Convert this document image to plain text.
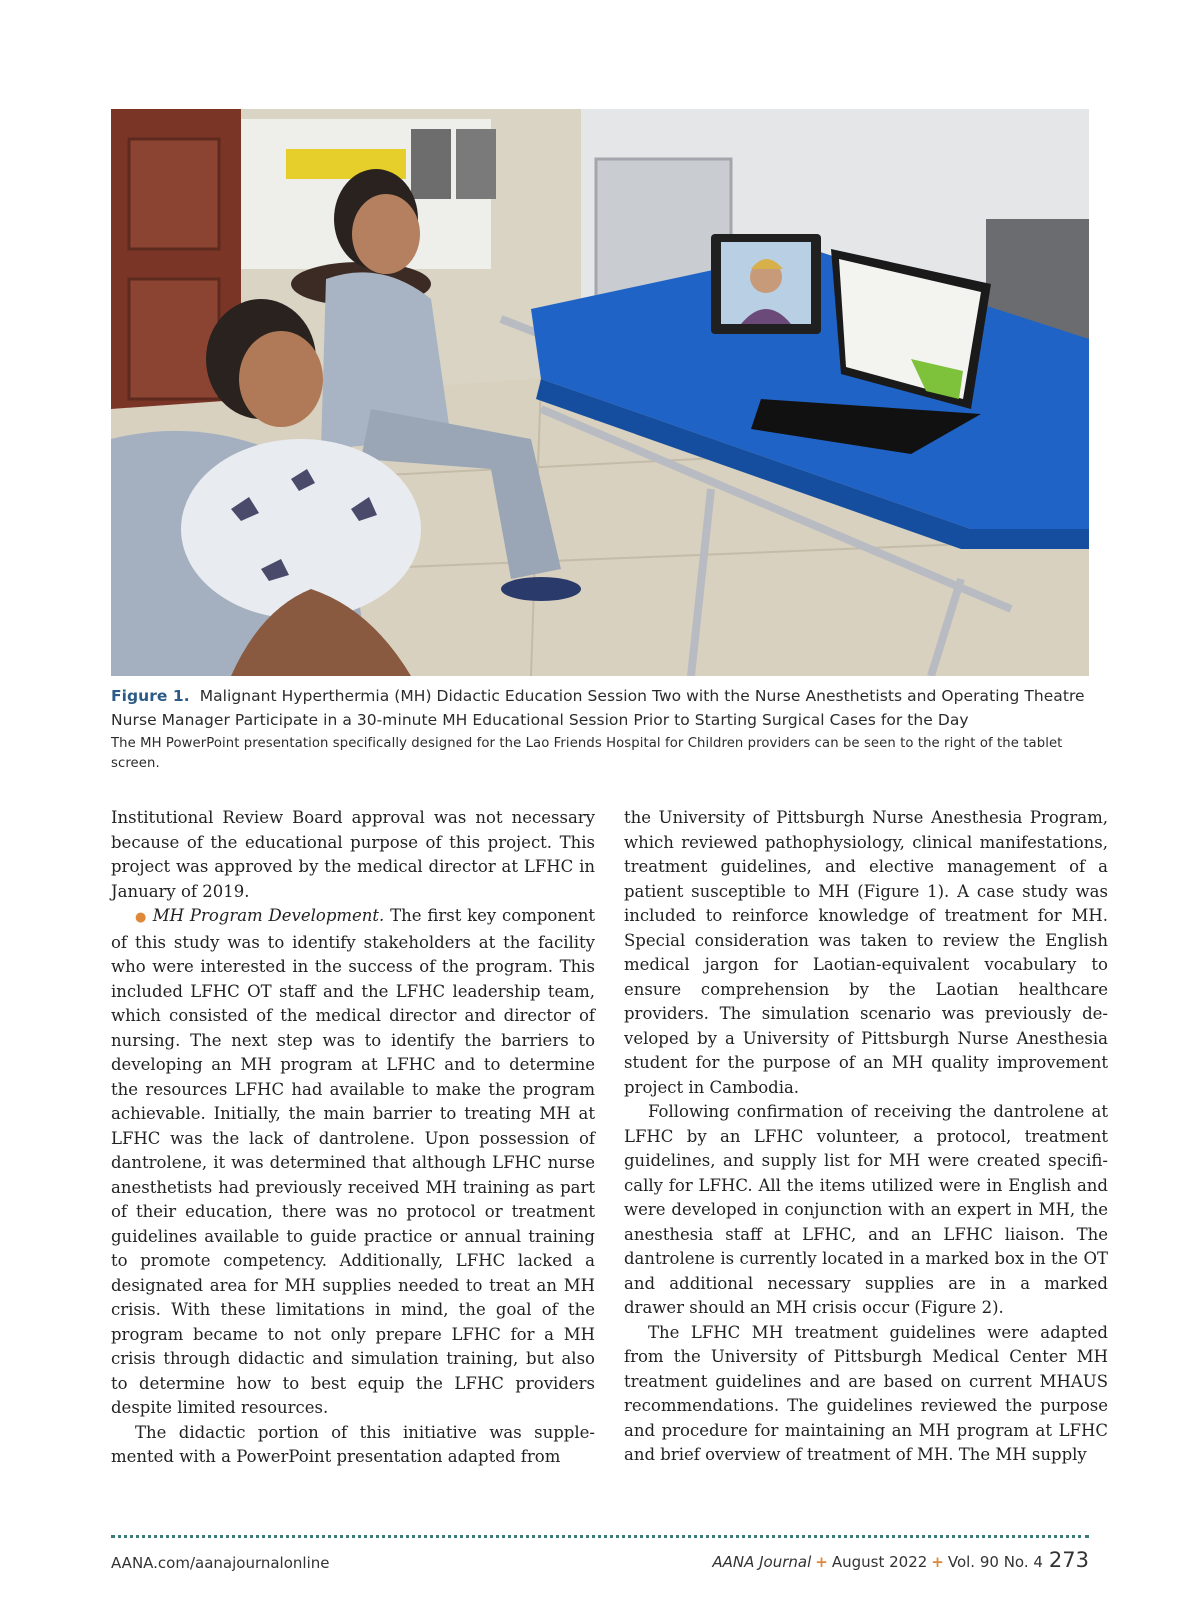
Figure 1. Malignant Hyperthermia (MH) Didactic Education Session Two with the Nurse Anesthetists and Operating Theatre Nurse Manager Participate in a 30-minute MH Educational Session Prior to Starting Surgical Cases for the Day
The MH PowerPoint presentation specifically designed for the Lao Friends Hospital for Children providers can be seen to the right of the tablet screen.

Institutional Review Board approval was not necessary because of the educational purpose of this project. This project was approved by the medical director at LFHC in January of 2019.

● MH Program Development. The first key component of this study was to identify stakeholders at the facility who were interested in the success of the program. This included LFHC OT staff and the LFHC leadership team, which consisted of the medical director and director of nursing. The next step was to identify the barriers to developing an MH program at LFHC and to determine the resources LFHC had available to make the program achievable. Initially, the main barrier to treating MH at LFHC was the lack of dantrolene. Upon possession of dantrolene, it was determined that although LFHC nurse anesthetists had previously received MH training as part of their education, there was no protocol or treatment guidelines available to guide practice or annual training to promote competency. Additionally, LFHC lacked a designated area for MH supplies needed to treat an MH crisis. With these limitations in mind, the goal of the program became to not only prepare LFHC for a MH crisis through didactic and simulation training, but also to determine how to best equip the LFHC providers despite limited resources.

The didactic portion of this initiative was supplemented with a PowerPoint presentation adapted from

the University of Pittsburgh Nurse Anesthesia Program, which reviewed pathophysiology, clinical manifestations, treatment guidelines, and elective management of a patient susceptible to MH (Figure 1). A case study was included to reinforce knowledge of treatment for MH. Special consideration was taken to review the English medical jargon for Laotian-equivalent vocabulary to ensure comprehension by the Laotian healthcare providers. The simulation scenario was previously developed by a University of Pittsburgh Nurse Anesthesia student for the purpose of an MH quality improvement project in Cambodia.

Following confirmation of receiving the dantrolene at LFHC by an LFHC volunteer, a protocol, treatment guidelines, and supply list for MH were created specifically for LFHC. All the items utilized were in English and were developed in conjunction with an expert in MH, the anesthesia staff at LFHC, and an LFHC liaison. The dantrolene is currently located in a marked box in the OT and additional necessary supplies are in a marked drawer should an MH crisis occur (Figure 2).

The LFHC MH treatment guidelines were adapted from the University of Pittsburgh Medical Center MH treatment guidelines and are based on current MHAUS recommendations. The guidelines reviewed the purpose and procedure for maintaining an MH program at LFHC and brief overview of treatment of MH. The MH supply

AANA.com/aanajournalonline	AANA Journal + August 2022 + Vol. 90 No. 4 273
